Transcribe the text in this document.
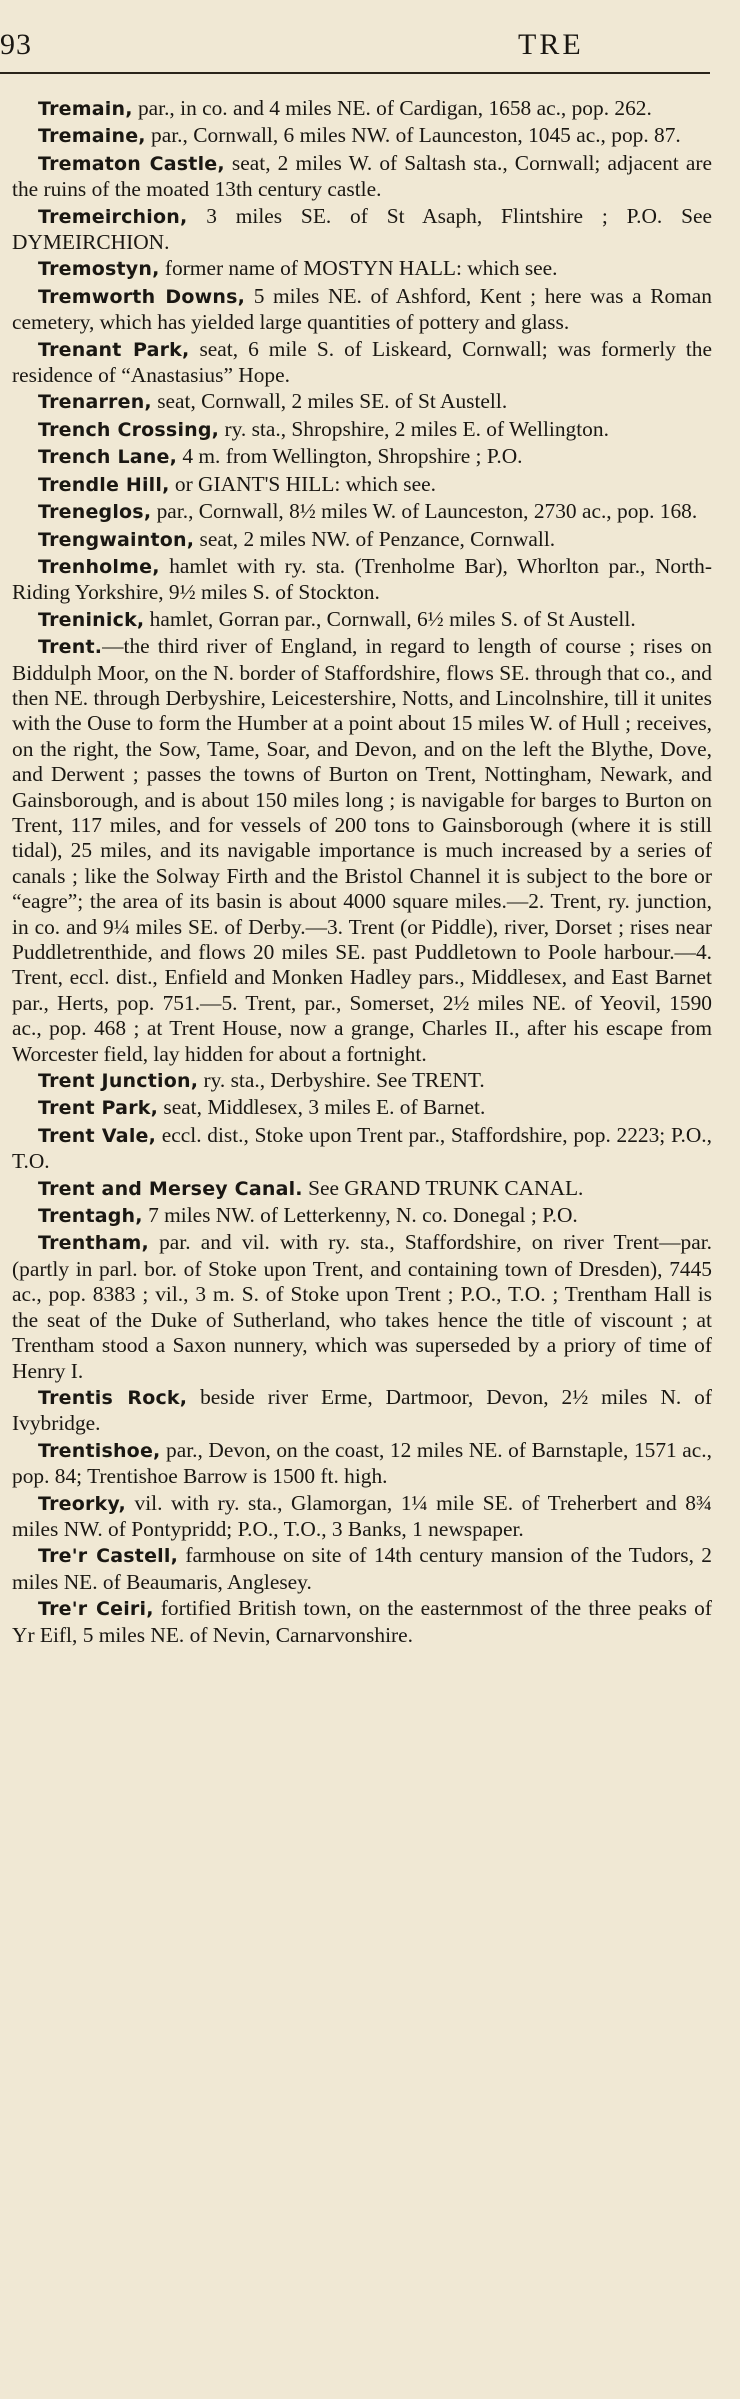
93	TRE

Tremain, par., in co. and 4 miles NE. of Cardigan, 1658 ac., pop. 262.

Tremaine, par., Cornwall, 6 miles NW. of Launceston, 1045 ac., pop. 87.

Trematon Castle, seat, 2 miles W. of Saltash sta., Cornwall; adjacent are the ruins of the moated 13th century castle.

Tremeirchion, 3 miles SE. of St Asaph, Flintshire ; P.O. See DYMEIRCHION.

Tremostyn, former name of MOSTYN HALL: which see.

Tremworth Downs, 5 miles NE. of Ashford, Kent ; here was a Roman cemetery, which has yielded large quantities of pottery and glass.

Trenant Park, seat, 6 mile S. of Liskeard, Cornwall; was formerly the residence of “Anastasius” Hope.

Trenarren, seat, Cornwall, 2 miles SE. of St Austell.

Trench Crossing, ry. sta., Shropshire, 2 miles E. of Wellington.

Trench Lane, 4 m. from Wellington, Shropshire ; P.O.

Trendle Hill, or GIANT'S HILL: which see.

Treneglos, par., Cornwall, 8½ miles W. of Launceston, 2730 ac., pop. 168.

Trengwainton, seat, 2 miles NW. of Penzance, Cornwall.

Trenholme, hamlet with ry. sta. (Trenholme Bar), Whorlton par., North-Riding Yorkshire, 9½ miles S. of Stockton.

Treninick, hamlet, Gorran par., Cornwall, 6½ miles S. of St Austell.

Trent.—the third river of England, in regard to length of course ; rises on Biddulph Moor, on the N. border of Staffordshire, flows SE. through that co., and then NE. through Derbyshire, Leicestershire, Notts, and Lincolnshire, till it unites with the Ouse to form the Humber at a point about 15 miles W. of Hull ; receives, on the right, the Sow, Tame, Soar, and Devon, and on the left the Blythe, Dove, and Derwent ; passes the towns of Burton on Trent, Nottingham, Newark, and Gainsborough, and is about 150 miles long ; is navigable for barges to Burton on Trent, 117 miles, and for vessels of 200 tons to Gainsborough (where it is still tidal), 25 miles, and its navigable importance is much increased by a series of canals ; like the Solway Firth and the Bristol Channel it is subject to the bore or “eagre”; the area of its basin is about 4000 square miles.—2. Trent, ry. junction, in co. and 9¼ miles SE. of Derby.—3. Trent (or Piddle), river, Dorset ; rises near Puddletrenthide, and flows 20 miles SE. past Puddletown to Poole harbour.—4. Trent, eccl. dist., Enfield and Monken Hadley pars., Middlesex, and East Barnet par., Herts, pop. 751.—5. Trent, par., Somerset, 2½ miles NE. of Yeovil, 1590 ac., pop. 468 ; at Trent House, now a grange, Charles II., after his escape from Worcester field, lay hidden for about a fortnight.

Trent Junction, ry. sta., Derbyshire. See TRENT.

Trent Park, seat, Middlesex, 3 miles E. of Barnet.

Trent Vale, eccl. dist., Stoke upon Trent par., Staffordshire, pop. 2223; P.O., T.O.

Trent and Mersey Canal. See GRAND TRUNK CANAL.

Trentagh, 7 miles NW. of Letterkenny, N. co. Donegal ; P.O.

Trentham, par. and vil. with ry. sta., Staffordshire, on river Trent—par. (partly in parl. bor. of Stoke upon Trent, and containing town of Dresden), 7445 ac., pop. 8383 ; vil., 3 m. S. of Stoke upon Trent ; P.O., T.O. ; Trentham Hall is the seat of the Duke of Sutherland, who takes hence the title of viscount ; at Trentham stood a Saxon nunnery, which was superseded by a priory of time of Henry I.

Trentis Rock, beside river Erme, Dartmoor, Devon, 2½ miles N. of Ivybridge.

Trentishoe, par., Devon, on the coast, 12 miles NE. of Barnstaple, 1571 ac., pop. 84; Trentishoe Barrow is 1500 ft. high.

Treorky, vil. with ry. sta., Glamorgan, 1¼ mile SE. of Treherbert and 8¾ miles NW. of Pontypridd; P.O., T.O., 3 Banks, 1 newspaper.

Tre'r Castell, farmhouse on site of 14th century mansion of the Tudors, 2 miles NE. of Beaumaris, Anglesey.

Tre'r Ceiri, fortified British town, on the easternmost of the three peaks of Yr Eifl, 5 miles NE. of Nevin, Carnarvonshire.
